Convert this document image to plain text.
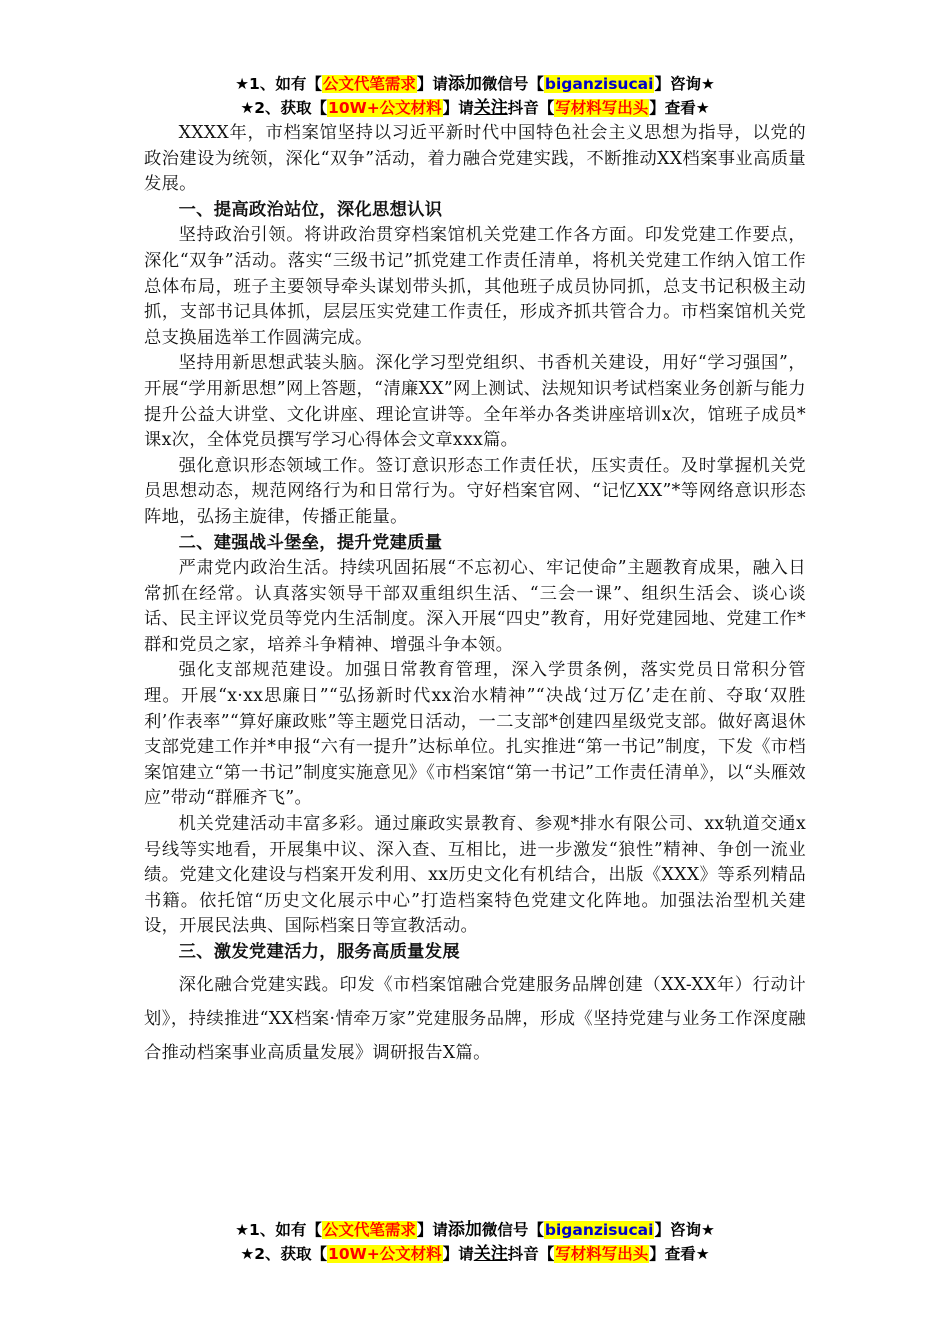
★1、如有【公文代笔需求】请添加微信号【biganzisucai】咨询★
★2、获取【10W+公文材料】请关注抖音【写材料写出头】查看★

XXXX年，市档案馆坚持以习近平新时代中国特色社会主义思想为指导，以党的政治建设为统领，深化“双争”活动，着力融合党建实践，不断推动XX档案事业高质量发展。

一、提高政治站位，深化思想认识

坚持政治引领。将讲政治贯穿档案馆机关党建工作各方面。印发党建工作要点，深化“双争”活动。落实“三级书记”抓党建工作责任清单，将机关党建工作纳入馆工作总体布局，班子主要领导牵头谋划带头抓，其他班子成员协同抓，总支书记积极主动抓，支部书记具体抓，层层压实党建工作责任，形成齐抓共管合力。市档案馆机关党总支换届选举工作圆满完成。

坚持用新思想武装头脑。深化学习型党组织、书香机关建设，用好“学习强国”，开展“学用新思想”网上答题，“清廉XX”网上测试、法规知识考试档案业务创新与能力提升公益大讲堂、文化讲座、理论宣讲等。全年举办各类讲座培训x次，馆班子成员*课x次，全体党员撰写学习心得体会文章xxx篇。

强化意识形态领域工作。签订意识形态工作责任状，压实责任。及时掌握机关党员思想动态，规范网络行为和日常行为。守好档案官网、“记忆XX”*等网络意识形态阵地，弘扬主旋律，传播正能量。

二、建强战斗堡垒，提升党建质量

严肃党内政治生活。持续巩固拓展“不忘初心、牢记使命”主题教育成果，融入日常抓在经常。认真落实领导干部双重组织生活、“三会一课”、组织生活会、谈心谈话、民主评议党员等党内生活制度。深入开展“四史”教育，用好党建园地、党建工作*群和党员之家，培养斗争精神、增强斗争本领。

强化支部规范建设。加强日常教育管理，深入学贯条例，落实党员日常积分管理。开展“x·xx思廉日”“弘扬新时代xx治水精神”“决战‘过万亿’走在前、夺取‘双胜利’作表率”“算好廉政账”等主题党日活动，一二支部*创建四星级党支部。做好离退休支部党建工作并*申报“六有一提升”达标单位。扎实推进“第一书记”制度，下发《市档案馆建立“第一书记”制度实施意见》《市档案馆“第一书记”工作责任清单》，以“头雁效应”带动“群雁齐飞”。

机关党建活动丰富多彩。通过廉政实景教育、参观*排水有限公司、xx轨道交通x号线等实地看，开展集中议、深入查、互相比，进一步激发“狼性”精神、争创一流业绩。党建文化建设与档案开发利用、xx历史文化有机结合，出版《XXX》等系列精品书籍。依托馆“历史文化展示中心”打造档案特色党建文化阵地。加强法治型机关建设，开展民法典、国际档案日等宣教活动。

三、激发党建活力，服务高质量发展

深化融合党建实践。印发《市档案馆融合党建服务品牌创建（XX-XX年）行动计划》，持续推进“XX档案·情牵万家”党建服务品牌，形成《坚持党建与业务工作深度融合推动档案事业高质量发展》调研报告X篇。

★1、如有【公文代笔需求】请添加微信号【biganzisucai】咨询★
★2、获取【10W+公文材料】请关注抖音【写材料写出头】查看★
